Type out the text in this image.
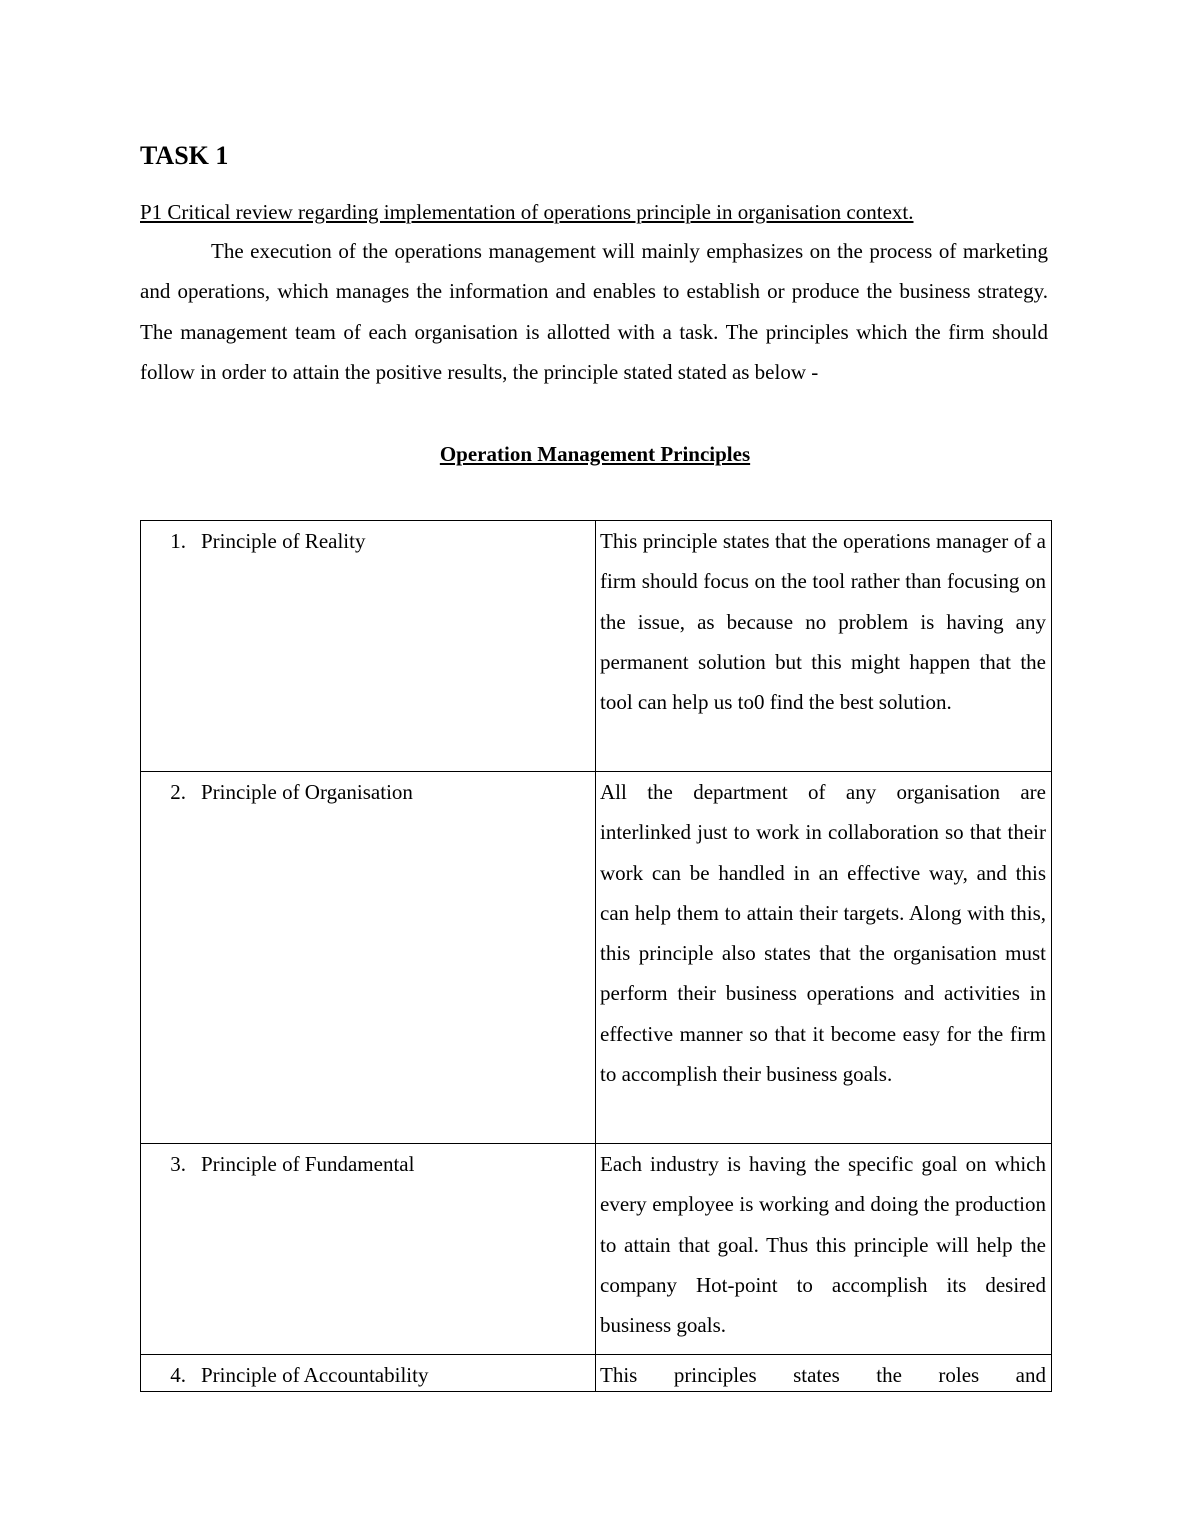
TASK 1

P1 Critical review regarding implementation of operations principle in organisation context.

The execution of the operations management will mainly emphasizes on the process of marketing and operations, which manages the information and enables to establish or produce the business strategy. The management team of each organisation is allotted with a task. The principles which the firm should follow in order to attain the positive results, the principle stated stated as below -

Operation Management Principles

1. Principle of Reality	This principle states that the operations manager of a firm should focus on the tool rather than focusing on the issue, as because no problem is having any permanent solution but this might happen that the tool can help us to0 find the best solution.

2. Principle of Organisation	All the department of any organisation are interlinked just to work in collaboration so that their work can be handled in an effective way, and this can help them to attain their targets. Along with this, this principle also states that the organisation must perform their business operations and activities in effective manner so that it become easy for the firm to accomplish their business goals.

3. Principle of Fundamental	Each industry is having the specific goal on which every employee is working and doing the production to attain that goal. Thus this principle will help the company Hot-point to accomplish its desired business goals.

4. Principle of Accountability	This principles states the roles and
